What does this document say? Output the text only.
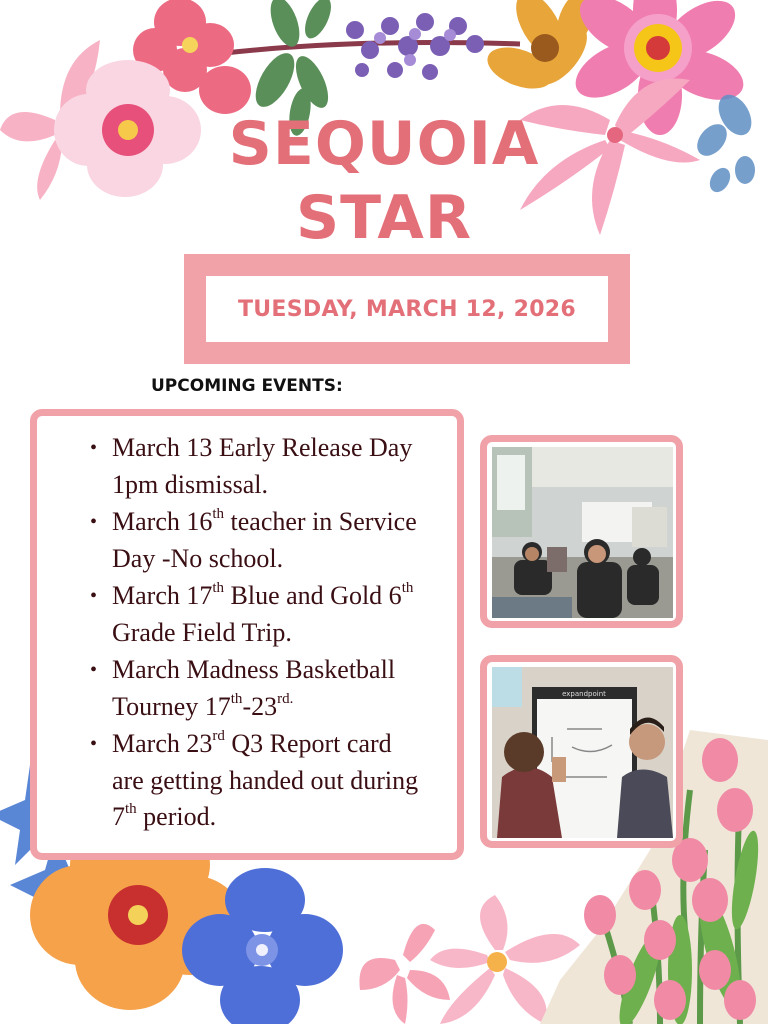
SEQUOIA
STAR
TUESDAY, MARCH 12, 2026
UPCOMING EVENTS:
• March 13 Early Release Day 1pm dismissal.
• March 16th teacher in Service Day -No school.
• March 17th Blue and Gold 6th Grade Field Trip.
• March Madness Basketball Tourney $17th-23^{rd.}$
• March 23rd Q3 Report card are getting handed out during 7th period.
expandpoint
